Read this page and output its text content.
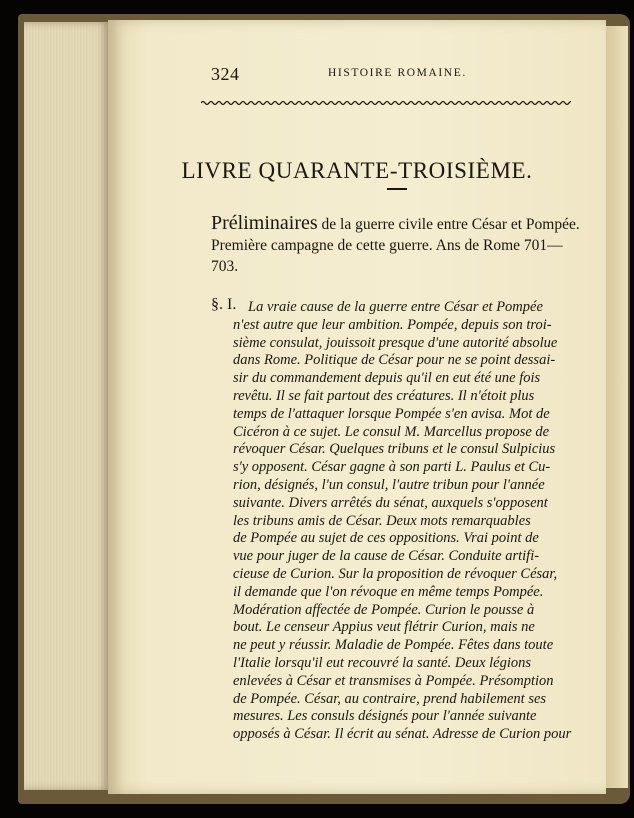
324	HISTOIRE ROMAINE.
LIVRE QUARANTE-TROISIÈME.
Préliminaires de la guerre civile entre César et Pompée. Première campagne de cette guerre. Ans de Rome 701—703.
§. I. La vraie cause de la guerre entre César et Pompée
n'est autre que leur ambition. Pompée, depuis son troi-
sième consulat, jouissoit presque d'une autorité absolue
dans Rome. Politique de César pour ne se point dessai-
sir du commandement depuis qu'il en eut été une fois
revêtu. Il se fait partout des créatures. Il n'étoit plus
temps de l'attaquer lorsque Pompée s'en avisa. Mot de
Cicéron à ce sujet. Le consul M. Marcellus propose de
révoquer César. Quelques tribuns et le consul Sulpicius
s'y opposent. César gagne à son parti L. Paulus et Cu-
rion, désignés, l'un consul, l'autre tribun pour l'année
suivante. Divers arrêtés du sénat, auxquels s'opposent
les tribuns amis de César. Deux mots remarquables
de Pompée au sujet de ces oppositions. Vrai point de
vue pour juger de la cause de César. Conduite artifi-
cieuse de Curion. Sur la proposition de révoquer César,
il demande que l'on révoque en même temps Pompée.
Modération affectée de Pompée. Curion le pousse à
bout. Le censeur Appius veut flétrir Curion, mais ne
ne peut y réussir. Maladie de Pompée. Fêtes dans toute
l'Italie lorsqu'il eut recouvré la santé. Deux légions
enlevées à César et transmises à Pompée. Présomption
de Pompée. César, au contraire, prend habilement ses
mesures. Les consuls désignés pour l'année suivante
opposés à César. Il écrit au sénat. Adresse de Curion pour
